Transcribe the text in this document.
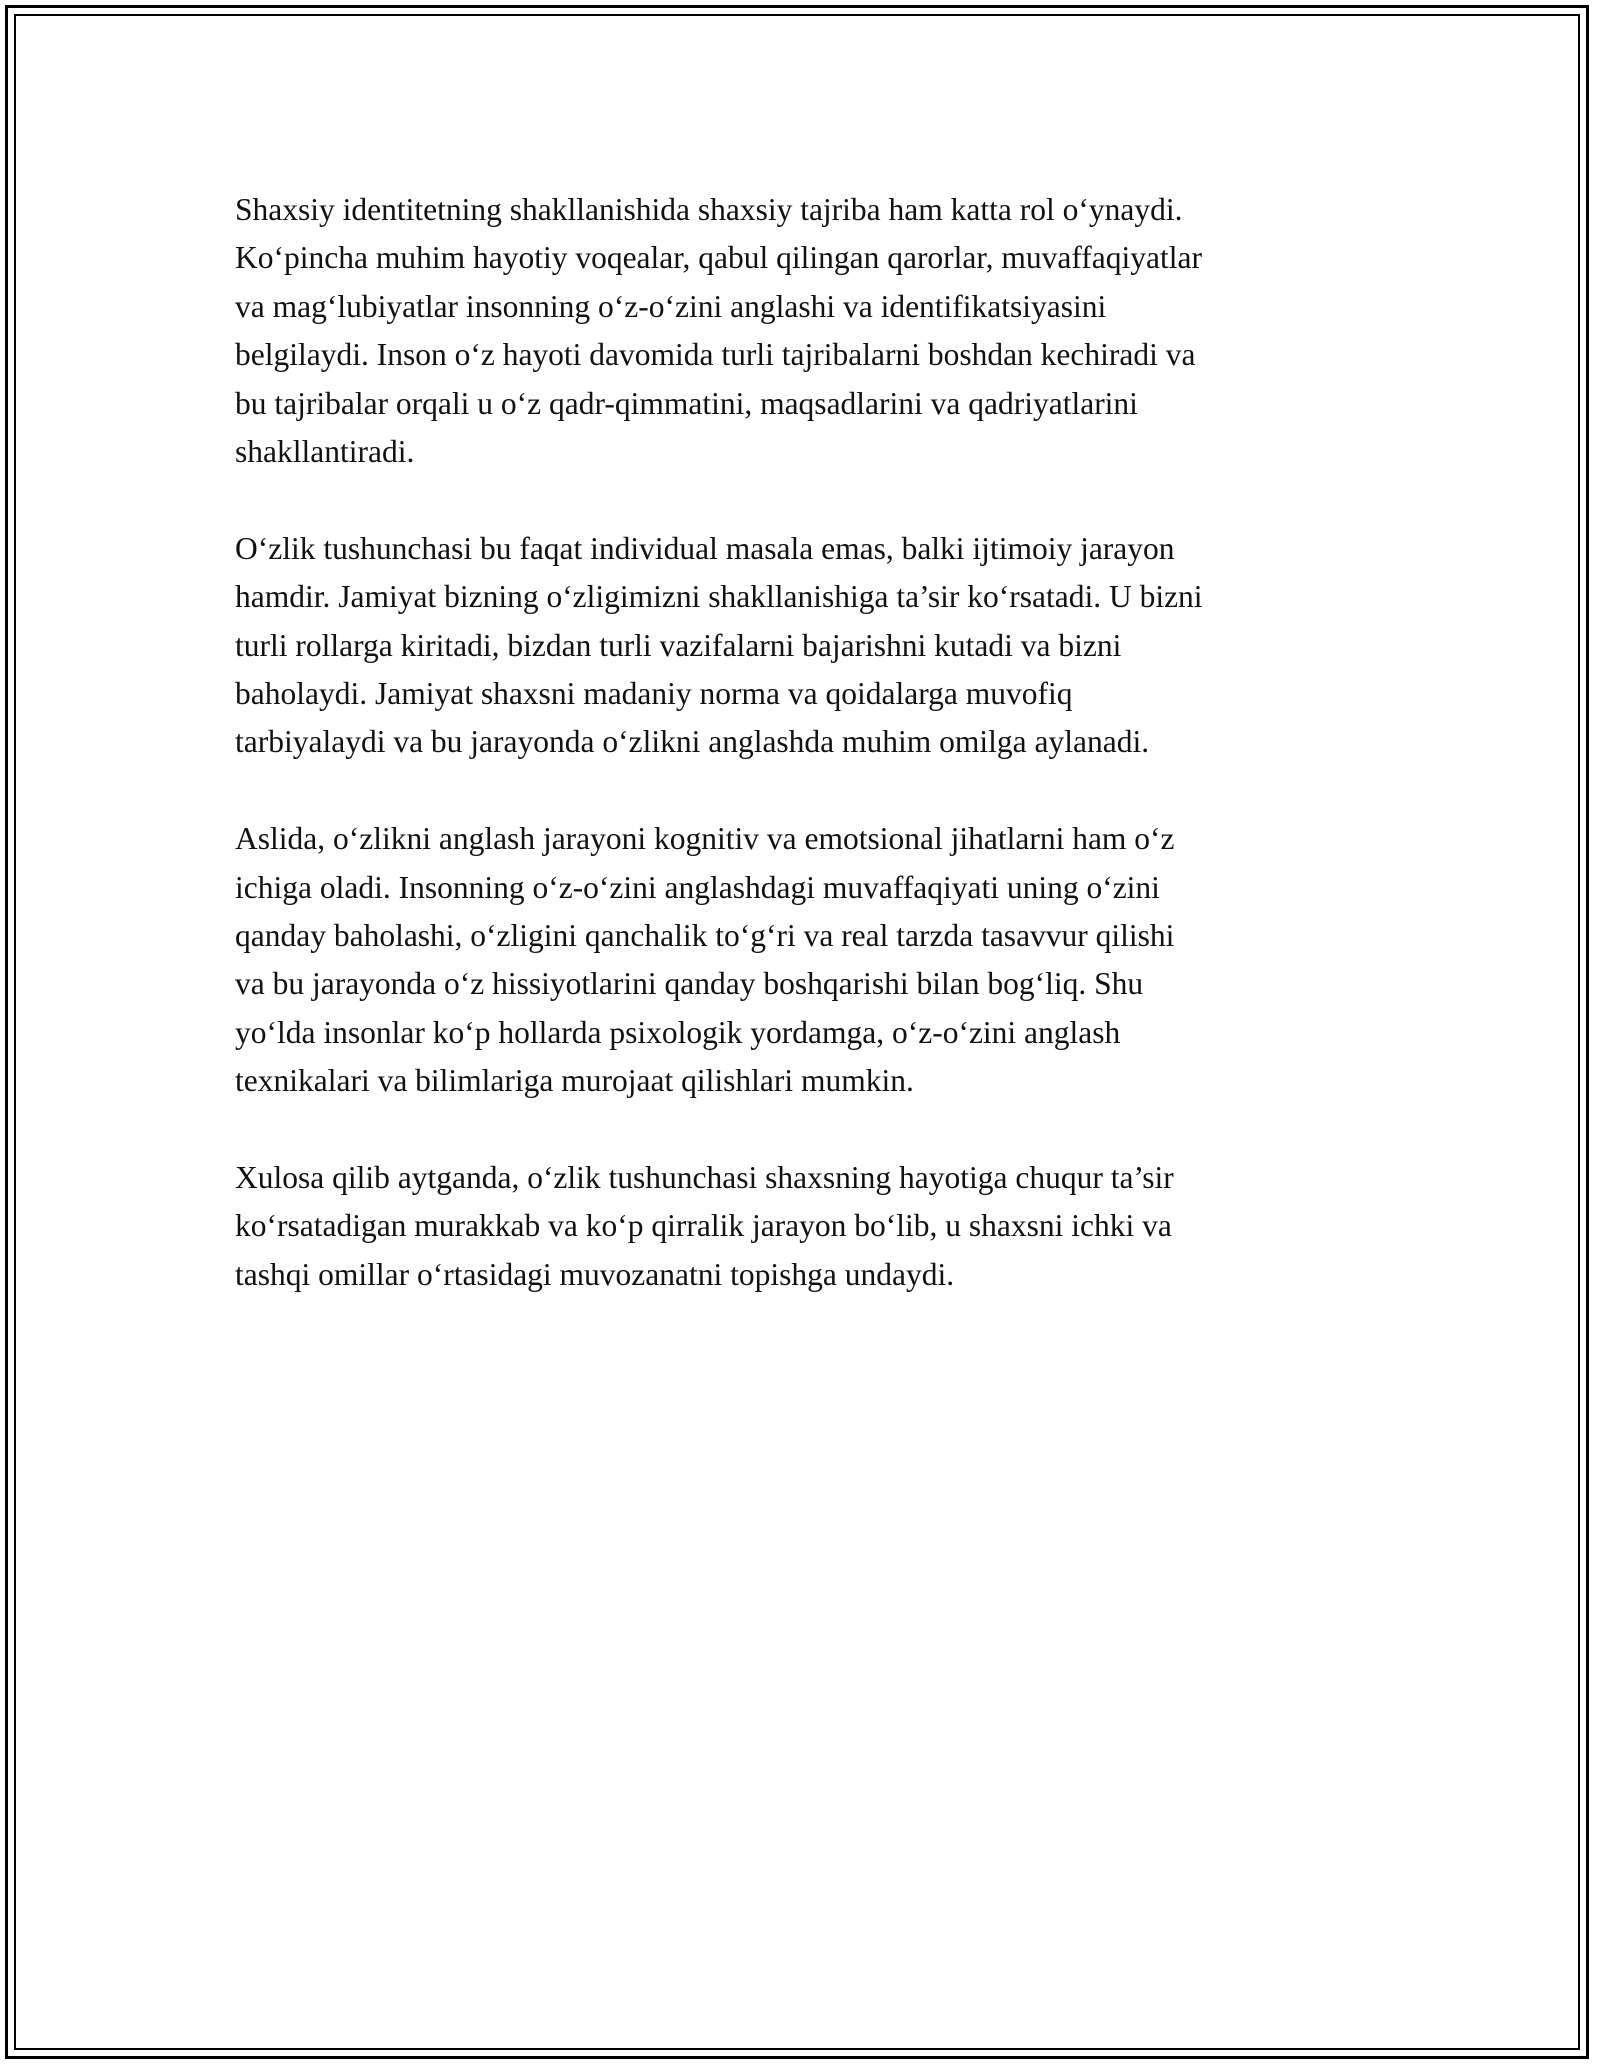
Shaxsiy identitetning shakllanishida shaxsiy tajriba ham katta rol o‘ynaydi.
Ko‘pincha muhim hayotiy voqealar, qabul qilingan qarorlar, muvaffaqiyatlar
va mag‘lubiyatlar insonning o‘z-o‘zini anglashi va identifikatsiyasini
belgilaydi. Inson o‘z hayoti davomida turli tajribalarni boshdan kechiradi va
bu tajribalar orqali u o‘z qadr-qimmatini, maqsadlarini va qadriyatlarini
shakllantiradi.

O‘zlik tushunchasi bu faqat individual masala emas, balki ijtimoiy jarayon
hamdir. Jamiyat bizning o‘zligimizni shakllanishiga ta’sir ko‘rsatadi. U bizni
turli rollarga kiritadi, bizdan turli vazifalarni bajarishni kutadi va bizni
baholaydi. Jamiyat shaxsni madaniy norma va qoidalarga muvofiq
tarbiyalaydi va bu jarayonda o‘zlikni anglashda muhim omilga aylanadi.

Aslida, o‘zlikni anglash jarayoni kognitiv va emotsional jihatlarni ham o‘z
ichiga oladi. Insonning o‘z-o‘zini anglashdagi muvaffaqiyati uning o‘zini
qanday baholashi, o‘zligini qanchalik to‘g‘ri va real tarzda tasavvur qilishi
va bu jarayonda o‘z hissiyotlarini qanday boshqarishi bilan bog‘liq. Shu
yo‘lda insonlar ko‘p hollarda psixologik yordamga, o‘z-o‘zini anglash
texnikalari va bilimlariga murojaat qilishlari mumkin.

Xulosa qilib aytganda, o‘zlik tushunchasi shaxsning hayotiga chuqur ta’sir
ko‘rsatadigan murakkab va ko‘p qirralik jarayon bo‘lib, u shaxsni ichki va
tashqi omillar o‘rtasidagi muvozanatni topishga undaydi.
